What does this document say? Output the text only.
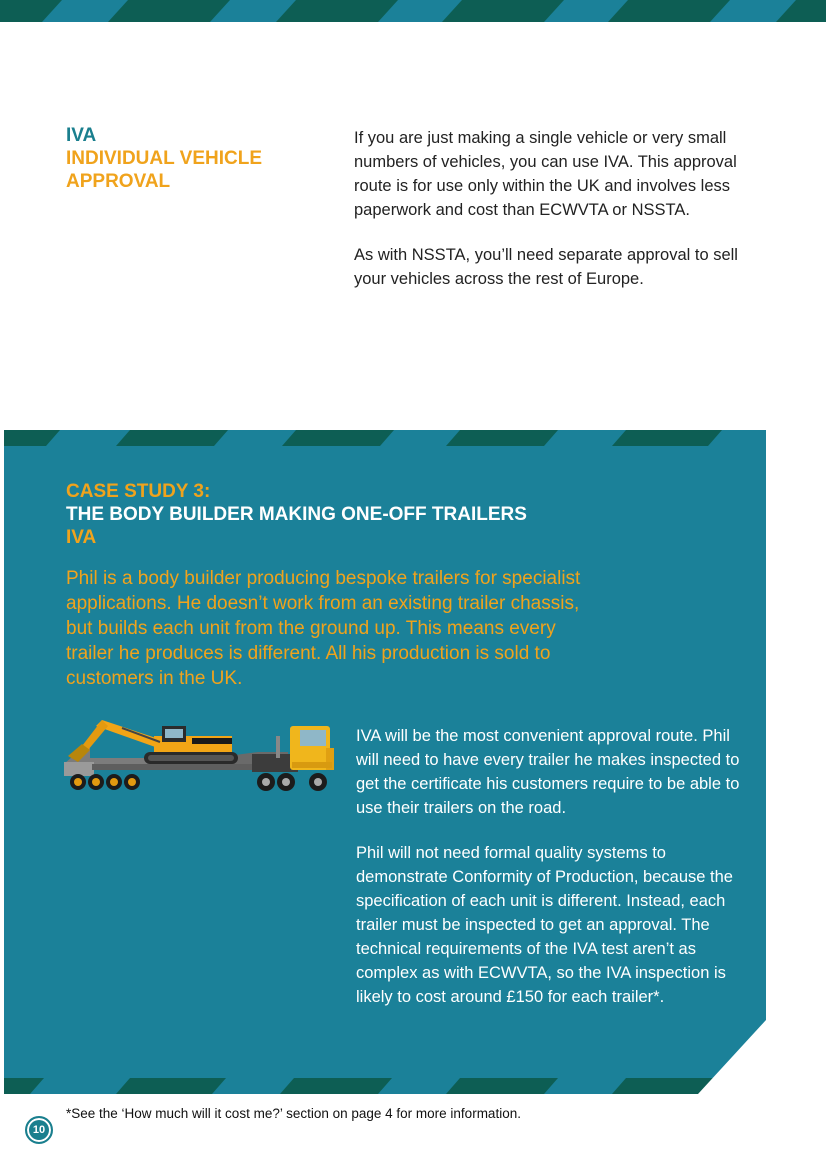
IVA
INDIVIDUAL VEHICLE
APPROVAL

If you are just making a single vehicle or very small numbers of vehicles, you can use IVA. This approval route is for use only within the UK and involves less paperwork and cost than ECWVTA or NSSTA.

As with NSSTA, you’ll need separate approval to sell your vehicles across the rest of Europe.

CASE STUDY 3:
THE BODY BUILDER MAKING ONE-OFF TRAILERS
IVA

Phil is a body builder producing bespoke trailers for specialist applications. He doesn’t work from an existing trailer chassis, but builds each unit from the ground up. This means every trailer he produces is different. All his production is sold to customers in the UK.

IVA will be the most convenient approval route. Phil will need to have every trailer he makes inspected to get the certificate his customers require to be able to use their trailers on the road.

Phil will not need formal quality systems to demonstrate Conformity of Production, because the specification of each unit is different. Instead, each trailer must be inspected to get an approval. The technical requirements of the IVA test aren’t as complex as with ECWVTA, so the IVA inspection is likely to cost around £150 for each trailer*.

*See the ‘How much will it cost me?’ section on page 4 for more information.

10
